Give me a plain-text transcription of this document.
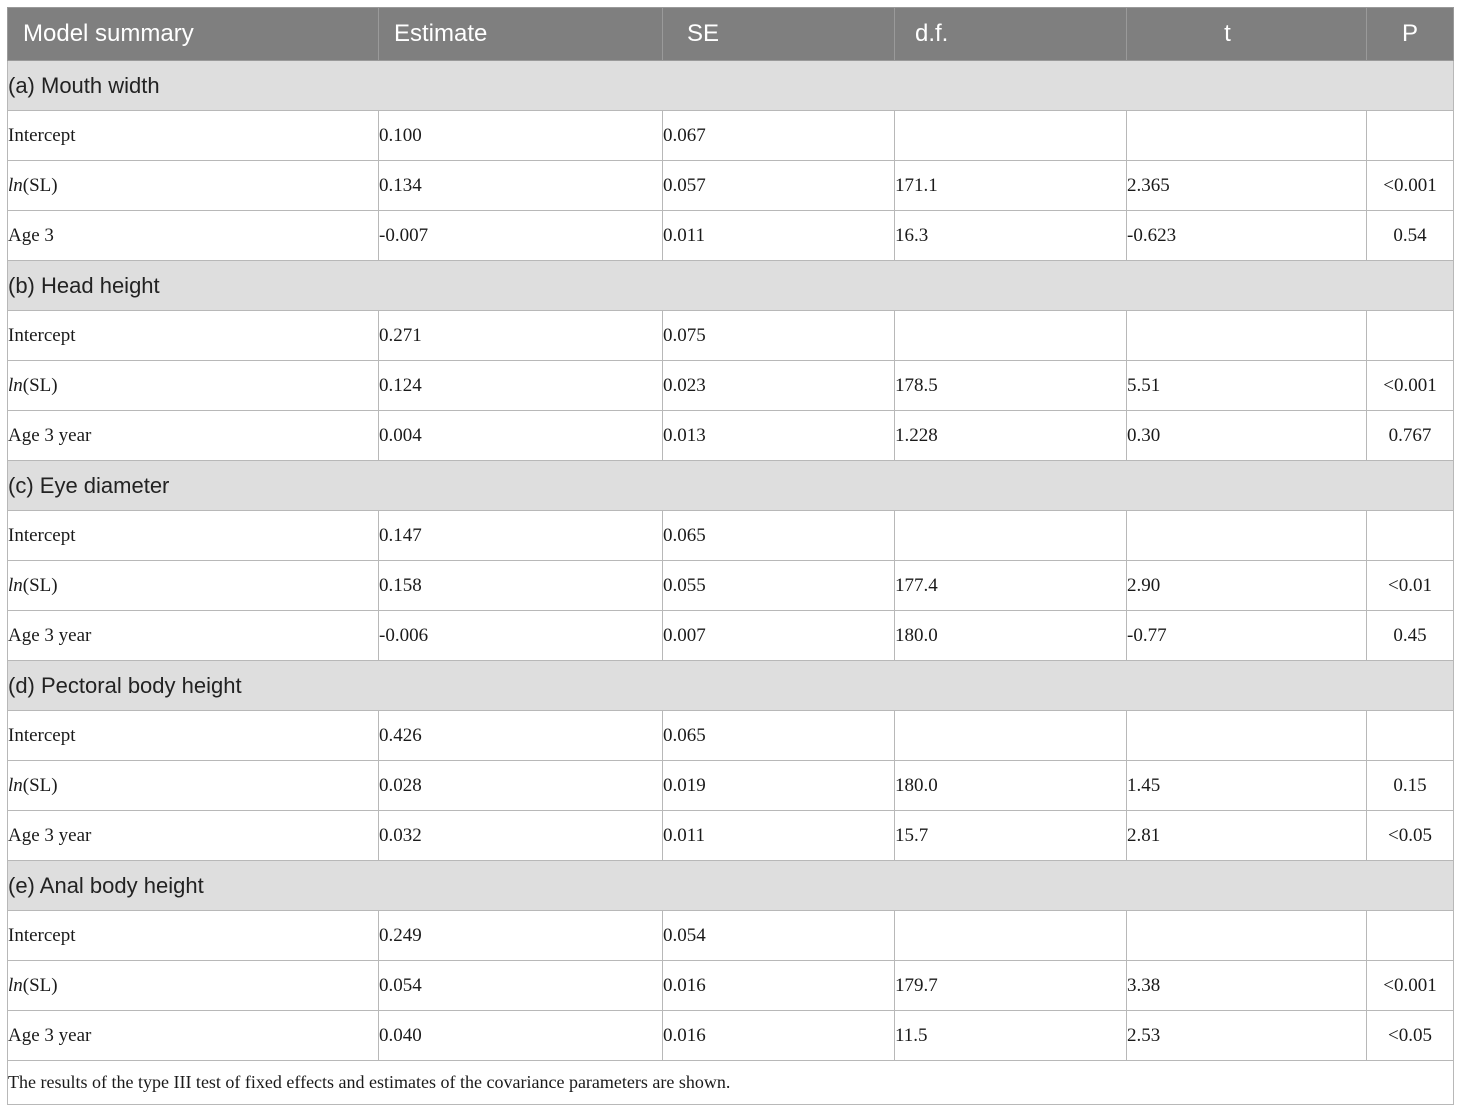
Model summary	Estimate	SE	d.f.	t	P
(a) Mouth width					
Intercept	0.100	0.067			
ln(SL)	0.134	0.057	171.1	2.365	<0.001
Age 3	-0.007	0.011	16.3	-0.623	0.54
(b) Head height					
Intercept	0.271	0.075			
ln(SL)	0.124	0.023	178.5	5.51	<0.001
Age 3 year	0.004	0.013	1.228	0.30	0.767
(c) Eye diameter					
Intercept	0.147	0.065			
ln(SL)	0.158	0.055	177.4	2.90	<0.01
Age 3 year	-0.006	0.007	180.0	-0.77	0.45
(d) Pectoral body height					
Intercept	0.426	0.065			
ln(SL)	0.028	0.019	180.0	1.45	0.15
Age 3 year	0.032	0.011	15.7	2.81	<0.05
(e) Anal body height					
Intercept	0.249	0.054			
ln(SL)	0.054	0.016	179.7	3.38	<0.001
Age 3 year	0.040	0.016	11.5	2.53	<0.05
The results of the type III test of fixed effects and estimates of the covariance parameters are shown.					
